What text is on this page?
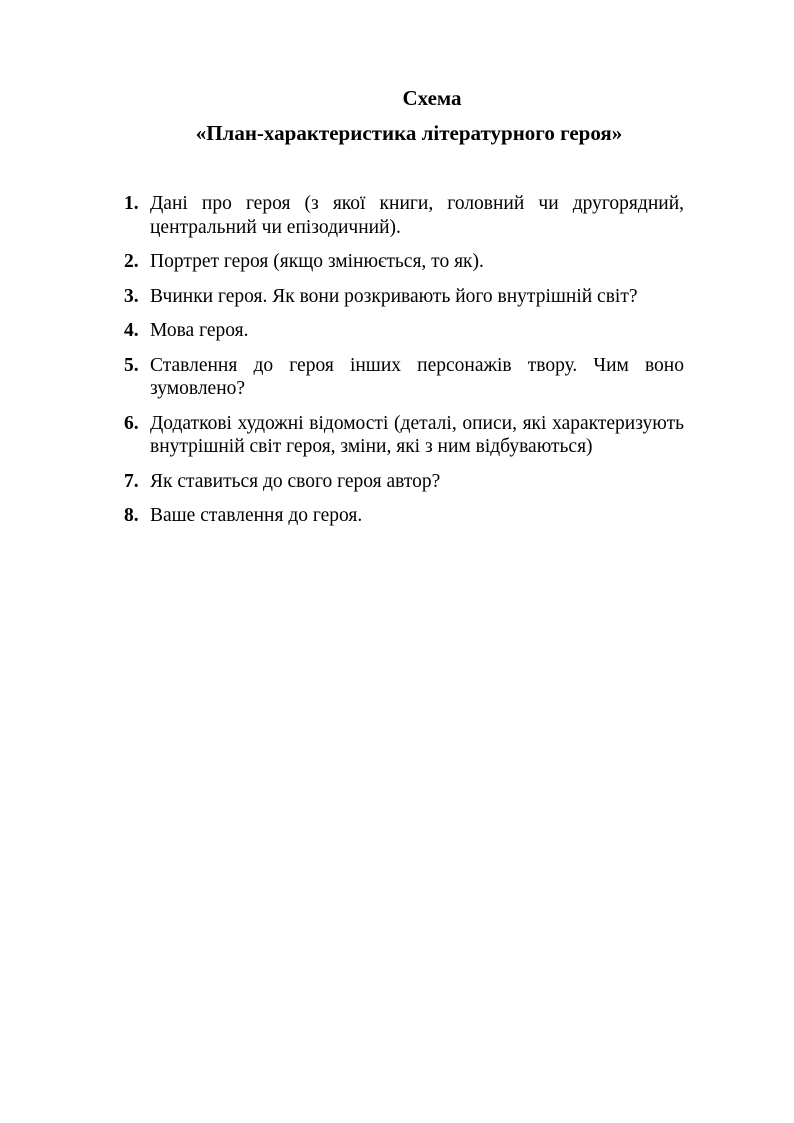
Схема
«План-характеристика літературного героя»
1. Дані про героя (з якої книги, головний чи другорядний, центральний чи епізодичний).
2. Портрет героя (якщо змінюється, то як).
3. Вчинки героя. Як вони розкривають його внутрішній світ?
4. Мова героя.
5. Ставлення до героя інших персонажів твору. Чим воно зумовлено?
6. Додаткові художні відомості (деталі, описи, які характеризують внутрішній світ героя, зміни, які з ним відбуваються)
7. Як ставиться до свого героя автор?
8. Ваше ставлення до героя.
